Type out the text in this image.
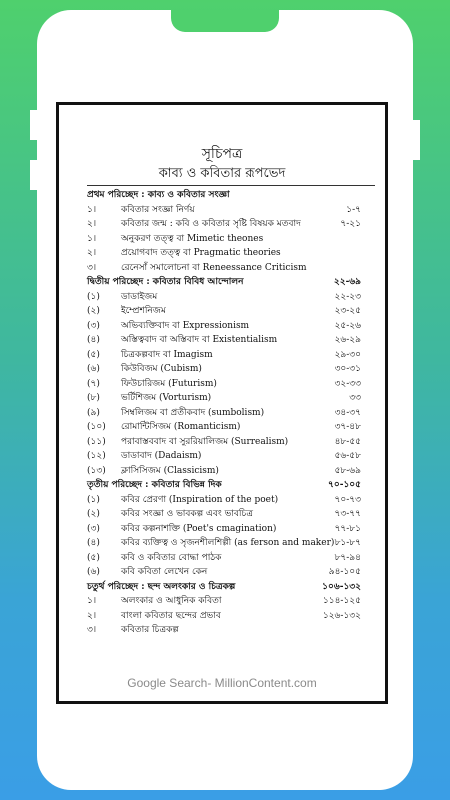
সূচিপত্র
কাব্য ও কবিতার রূপভেদ
প্রথম পরিচ্ছেদ : কাব্য ও কবিতার সংজ্ঞা
১।	কবিতার সংজ্ঞা নির্ণয়	১-৭
২।	কবিতার জন্ম : কবি ও কবিতার সৃষ্টি বিষয়ক মতবাদ	৭-২১
১।	অনুকরণ তত্ত্ব বা Mimetic theones
২।	প্রয়োগবাদ তত্ত্ব বা Pragmatic theories
৩।	রেনেসাঁ সমালোচনা বা Reneessance Criticism
দ্বিতীয় পরিচ্ছেদ : কবিতার বিবিধ আন্দোলন	২২-৬৯
(১) ডাডাইজম	২২-২৩
(২) ইম্প্রেশনিজম	২৩-২৫
(৩) অভিব্যক্তিবাদ বা Expressionism	২৫-২৬
(৪) অস্তিত্ববাদ বা অস্তিবাদ বা Existentialism	২৬-২৯
(৫) চিত্রকল্পবাদ বা Imagism	২৯-৩০
(৬) কিউবিজম (Cubism)	৩০-৩১
(৭) ফিউচারিজম (Futurism)	৩২-৩৩
(৮) ভর্টিশিজম (Vorturism)	৩৩
(৯) সিম্বলিজম বা প্রতীকবাদ (sumbolism)	৩৪-৩৭
(১০) রোমান্টিসিজম (Romanticism)	৩৭-৪৮
(১১) পরাবাস্তববাদ বা সুররিয়ালিজম (Surrealism)	৪৮-৫৫
(১২) ডাডাবাদ (Dadaism)	৫৬-৫৮
(১৩) ক্লাসিসিজম (Classicism)	৫৮-৬৯
তৃতীয় পরিচ্ছেদ : কবিতার বিভিন্ন দিক	৭০-১০৫
(১) কবির প্রেরণা (Inspiration of the poet)	৭০-৭৩
(২) কবির সংজ্ঞা ও ভাবকল্প এবং ভাবচিত্র	৭৩-৭৭
(৩) কবির কল্পনাশক্তি (Poet's cmagination)	৭৭-৮১
(৪) কবির ব্যক্তিত্ব ও সৃজনশীলশিল্পী (as ferson and maker) ৮১-৮৭
(৫) কবি ও কবিতার বোদ্ধা পাঠক	৮৭-৯৪
(৬) কবি কবিতা লেখেন কেন	৯৪-১০৫
চতুর্থ পরিচ্ছেদ : ছন্দ অলংকার ও চিত্রকল্প	১০৬-১৩২
১।	অলংকার ও আধুনিক কবিতা	১১৪-১২৫
২।	বাংলা কবিতার ছন্দের প্রভাব	১২৬-১৩২
৩।	কবিতার চিত্রকল্প
Google Search- MillionContent.com
